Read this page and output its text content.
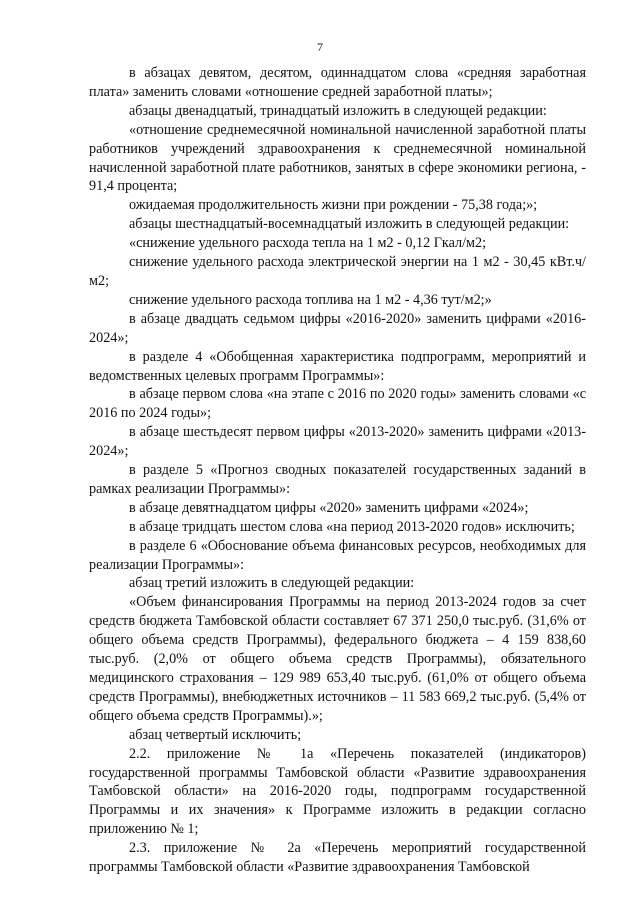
7

в абзацах девятом, десятом, одиннадцатом слова «средняя заработная плата» заменить словами «отношение средней заработной платы»;

абзацы двенадцатый, тринадцатый изложить в следующей редакции:

«отношение среднемесячной номинальной начисленной заработной платы работников учреждений здравоохранения к среднемесячной номинальной начисленной заработной плате работников, занятых в сфере экономики региона, - 91,4 процента;

ожидаемая продолжительность жизни при рождении - 75,38 года;»;

абзацы шестнадцатый-восемнадцатый изложить в следующей редакции:

«снижение удельного расхода тепла на 1 м2 - 0,12 Гкал/м2;

снижение удельного расхода электрической энергии на 1 м2 - 30,45 кВт.ч/м2;

снижение удельного расхода топлива на 1 м2 - 4,36 тут/м2;»

в абзаце двадцать седьмом цифры «2016-2020» заменить цифрами «2016-2024»;

в разделе 4 «Обобщенная характеристика подпрограмм, мероприятий и ведомственных целевых программ Программы»:

в абзаце первом слова «на этапе с 2016 по 2020 годы» заменить словами «с 2016 по 2024 годы»;

в абзаце шестьдесят первом цифры «2013-2020» заменить цифрами «2013-2024»;

в разделе 5 «Прогноз сводных показателей государственных заданий в рамках реализации Программы»:

в абзаце девятнадцатом цифры «2020» заменить цифрами «2024»;

в абзаце тридцать шестом слова «на период 2013-2020 годов» исключить;

в разделе 6 «Обоснование объема финансовых ресурсов, необходимых для реализации Программы»:

абзац третий изложить в следующей редакции:

«Объем финансирования Программы на период 2013-2024 годов за счет средств бюджета Тамбовской области составляет 67 371 250,0 тыс.руб. (31,6% от общего объема средств Программы), федерального бюджета – 4 159 838,60 тыс.руб. (2,0% от общего объема средств Программы), обязательного медицинского страхования – 129 989 653,40 тыс.руб. (61,0% от общего объема средств Программы), внебюджетных источников – 11 583 669,2 тыс.руб. (5,4% от общего объема средств Программы).»;

абзац четвертый исключить;

2.2. приложение № 1а «Перечень показателей (индикаторов) государственной программы Тамбовской области «Развитие здравоохранения Тамбовской области» на 2016-2020 годы, подпрограмм государственной Программы и их значения» к Программе изложить в редакции согласно приложению № 1;

2.3. приложение № 2а «Перечень мероприятий государственной программы Тамбовской области «Развитие здравоохранения Тамбовской
